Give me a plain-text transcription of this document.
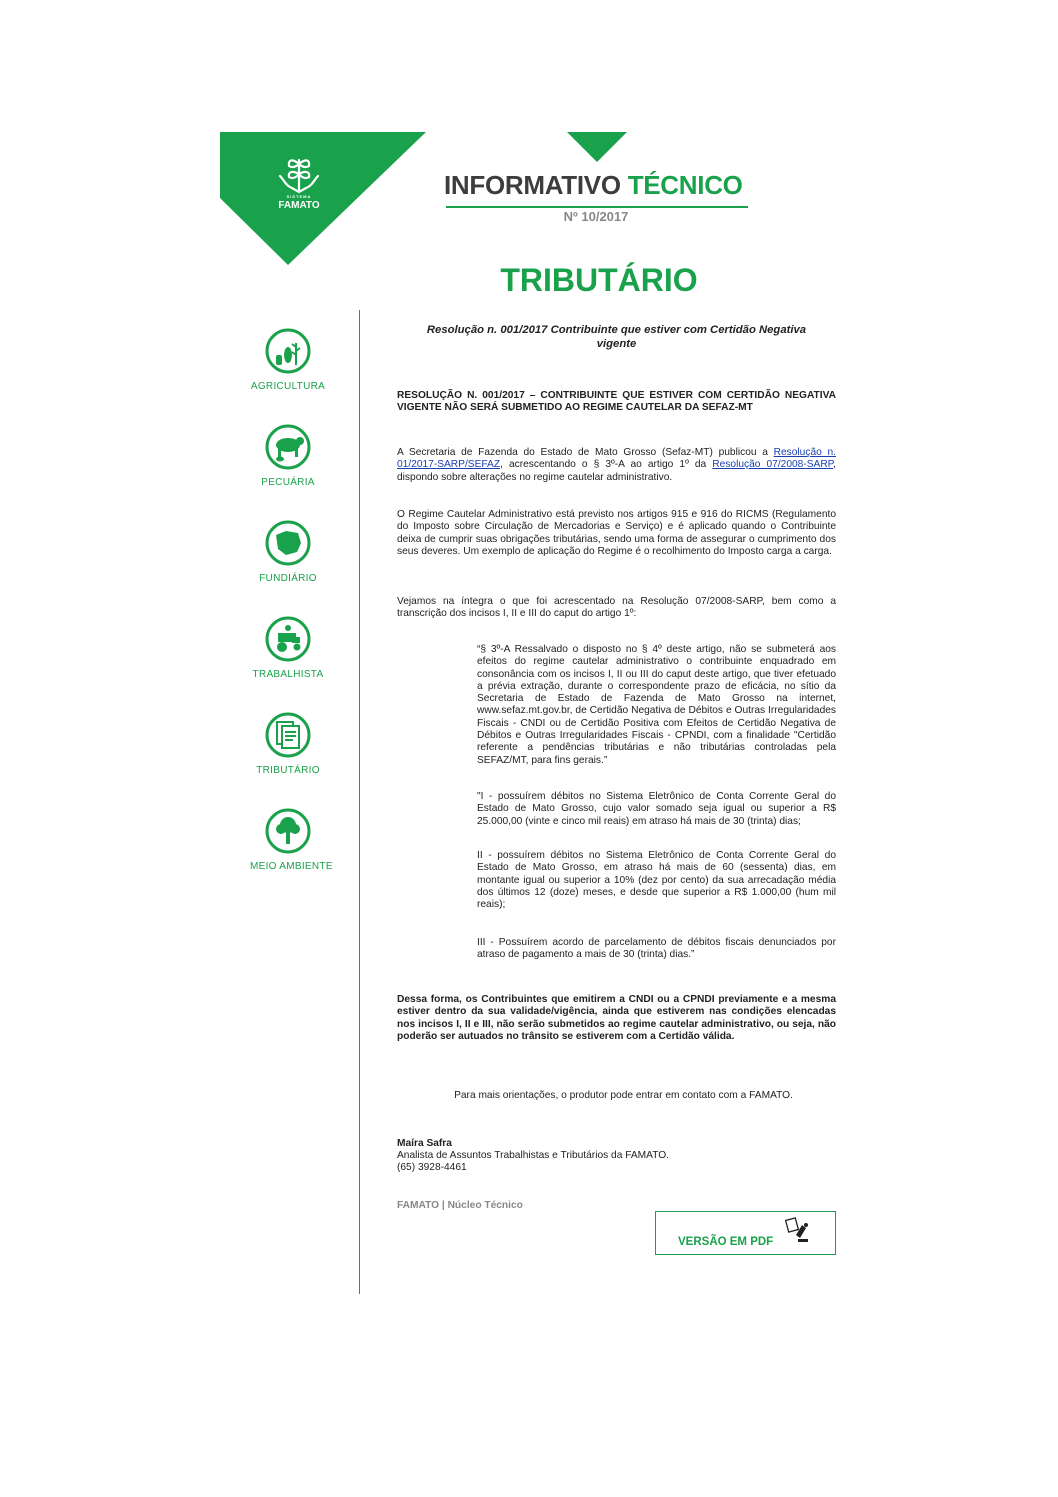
SISTEMA
FAMATO
INFORMATIVO TÉCNICO
Nº 10/2017
TRIBUTÁRIO
AGRICULTURA
PECUÁRIA
FUNDIÁRIO
TRABALHISTA
TRIBUTÁRIO
MEIO AMBIENTE
Resolução n. 001/2017 Contribuinte que estiver com Certidão Negativa
vigente
RESOLUÇÃO N. 001/2017 – CONTRIBUINTE QUE ESTIVER COM CERTIDÃO NEGATIVA VIGENTE NÃO SERÁ SUBMETIDO AO REGIME CAUTELAR DA SEFAZ-MT
A Secretaria de Fazenda do Estado de Mato Grosso (Sefaz-MT) publicou a Resolução n. 01/2017-SARP/SEFAZ, acrescentando o § 3º-A ao artigo 1º da Resolução 07/2008-SARP, dispondo sobre alterações no regime cautelar administrativo.
O Regime Cautelar Administrativo está previsto nos artigos 915 e 916 do RICMS (Regulamento do Imposto sobre Circulação de Mercadorias e Serviço) e é aplicado quando o Contribuinte deixa de cumprir suas obrigações tributárias, sendo uma forma de assegurar o cumprimento dos seus deveres. Um exemplo de aplicação do Regime é o recolhimento do Imposto carga a carga.
Vejamos na íntegra o que foi acrescentado na Resolução 07/2008-SARP, bem como a transcrição dos incisos I, II e III do caput do artigo 1º:
“§ 3º-A Ressalvado o disposto no § 4º deste artigo, não se submeterá aos efeitos do regime cautelar administrativo o contribuinte enquadrado em consonância com os incisos I, II ou III do caput deste artigo, que tiver efetuado a prévia extração, durante o correspondente prazo de eficácia, no sítio da Secretaria de Estado de Fazenda de Mato Grosso na internet, www.sefaz.mt.gov.br, de Certidão Negativa de Débitos e Outras Irregularidades Fiscais - CNDI ou de Certidão Positiva com Efeitos de Certidão Negativa de Débitos e Outras Irregularidades Fiscais - CPNDI, com a finalidade "Certidão referente a pendências tributárias e não tributárias controladas pela SEFAZ/MT, para fins gerais.”
"I - possuírem débitos no Sistema Eletrônico de Conta Corrente Geral do Estado de Mato Grosso, cujo valor somado seja igual ou superior a R$ 25.000,00 (vinte e cinco mil reais) em atraso há mais de 30 (trinta) dias;
II - possuírem débitos no Sistema Eletrônico de Conta Corrente Geral do Estado de Mato Grosso, em atraso há mais de 60 (sessenta) dias, em montante igual ou superior a 10% (dez por cento) da sua arrecadação média dos últimos 12 (doze) meses, e desde que superior a R$ 1.000,00 (hum mil reais);
III - Possuírem acordo de parcelamento de débitos fiscais denunciados por atraso de pagamento a mais de 30 (trinta) dias.”
Dessa forma, os Contribuintes que emitirem a CNDI ou a CPNDI previamente e a mesma estiver dentro da sua validade/vigência, ainda que estiverem nas condições elencadas nos incisos I, II e III, não serão submetidos ao regime cautelar administrativo, ou seja, não poderão ser autuados no trânsito se estiverem com a Certidão válida.
Para mais orientações, o produtor pode entrar em contato com a FAMATO.
Maíra Safra
Analista de Assuntos Trabalhistas e Tributários da FAMATO.
(65) 3928-4461
FAMATO | Núcleo Técnico
VERSÃO EM PDF
